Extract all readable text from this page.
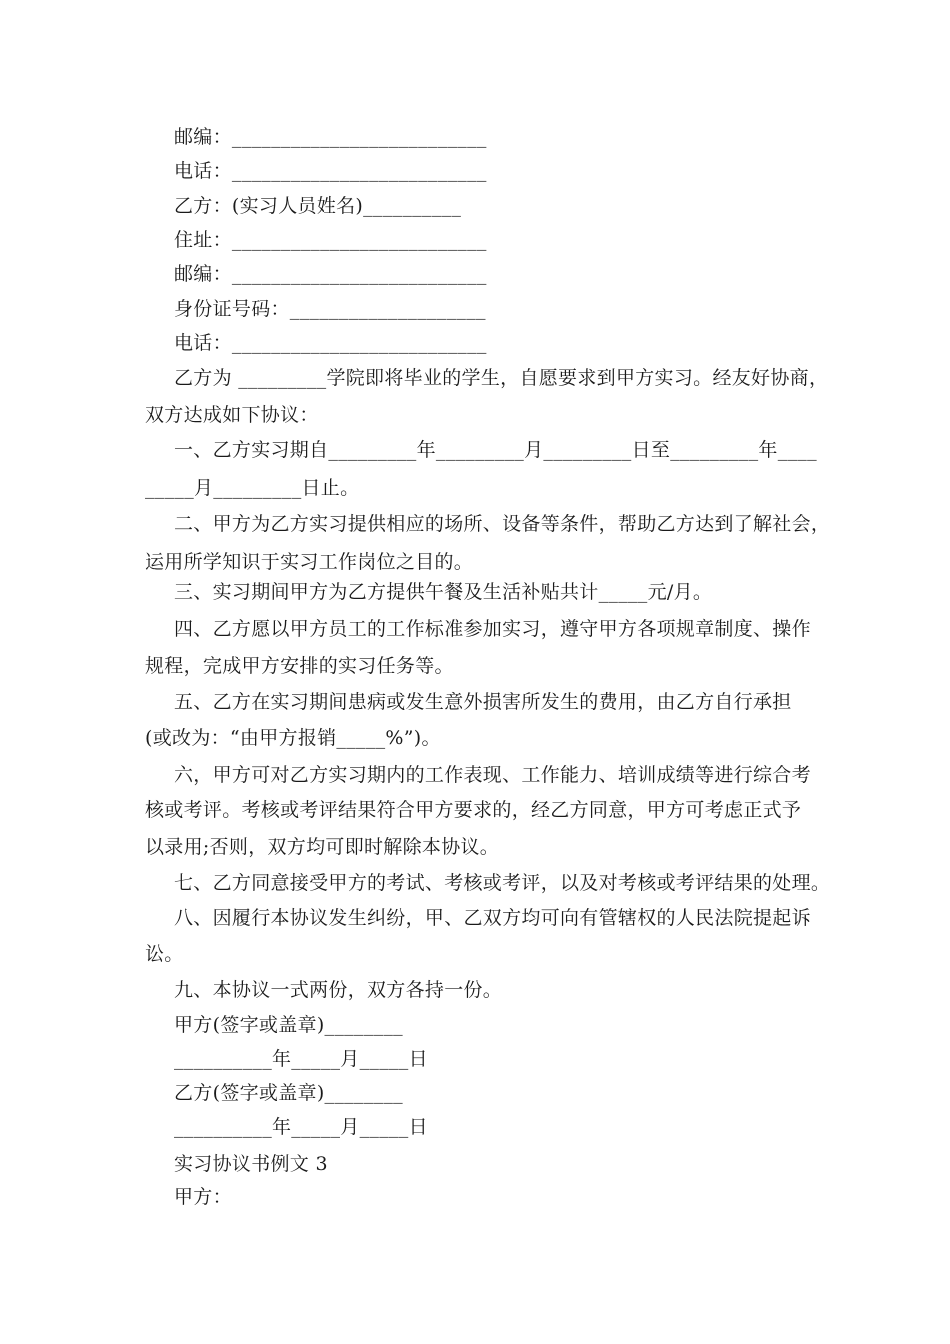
邮编：__________________________
电话：__________________________
乙方：(实习人员姓名)__________
住址：__________________________
邮编：__________________________
身份证号码：____________________
电话：__________________________
乙方为 _________学院即将毕业的学生，自愿要求到甲方实习。经友好协商，
双方达成如下协议：
一、乙方实习期自_________年_________月_________日至_________年____
_____月_________日止。
二、甲方为乙方实习提供相应的场所、设备等条件，帮助乙方达到了解社会，
运用所学知识于实习工作岗位之目的。
三、实习期间甲方为乙方提供午餐及生活补贴共计_____元/月。
四、乙方愿以甲方员工的工作标准参加实习，遵守甲方各项规章制度、操作
规程，完成甲方安排的实习任务等。
五、乙方在实习期间患病或发生意外损害所发生的费用，由乙方自行承担
(或改为：“由甲方报销_____%”)。
六，甲方可对乙方实习期内的工作表现、工作能力、培训成绩等进行综合考
核或考评。考核或考评结果符合甲方要求的，经乙方同意，甲方可考虑正式予
以录用;否则，双方均可即时解除本协议。
七、乙方同意接受甲方的考试、考核或考评，以及对考核或考评结果的处理。
八、因履行本协议发生纠纷，甲、乙双方均可向有管辖权的人民法院提起诉
讼。
九、本协议一式两份，双方各持一份。
甲方(签字或盖章)________
__________年_____月_____日
乙方(签字或盖章)________
__________年_____月_____日
实习协议书例文 3
甲方：
